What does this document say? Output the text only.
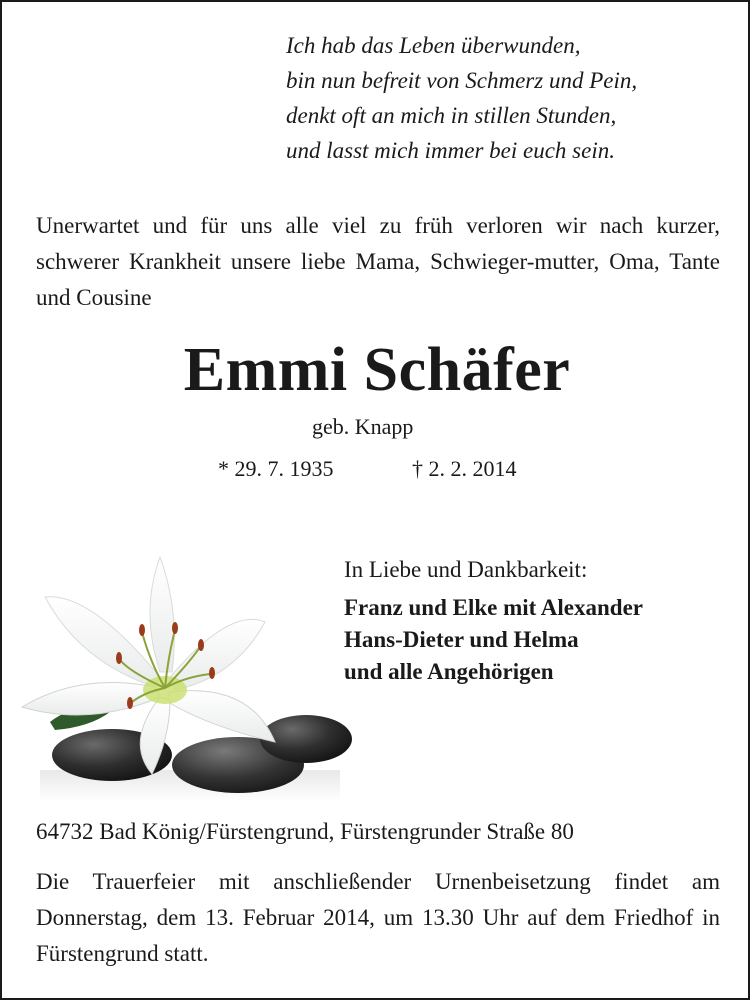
Ich hab das Leben überwunden,
bin nun befreit von Schmerz und Pein,
denkt oft an mich in stillen Stunden,
und lasst mich immer bei euch sein.
Unerwartet und für uns alle viel zu früh verloren wir nach kurzer, schwerer Krankheit unsere liebe Mama, Schwieger-mutter, Oma, Tante und Cousine
Emmi Schäfer
geb. Knapp
* 29. 7. 1935	† 2. 2. 2014
In Liebe und Dankbarkeit:
Franz und Elke mit Alexander
Hans-Dieter und Helma
und alle Angehörigen
64732 Bad König/Fürstengrund, Fürstengrunder Straße 80
Die Trauerfeier mit anschließender Urnenbeisetzung findet am Donnerstag, dem 13. Februar 2014, um 13.30 Uhr auf dem Friedhof in Fürstengrund statt.
